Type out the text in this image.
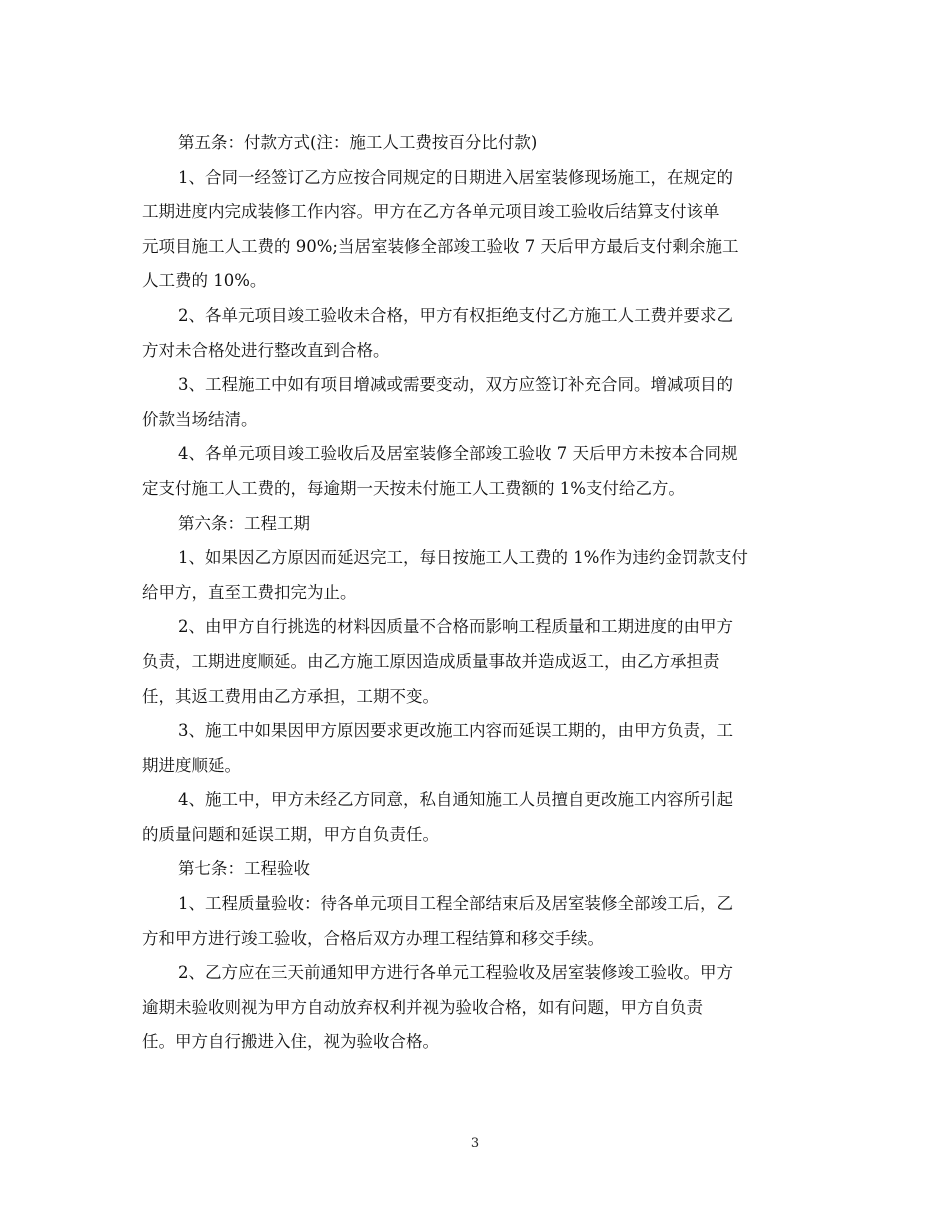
第五条：付款方式(注：施工人工费按百分比付款)
1、合同一经签订乙方应按合同规定的日期进入居室装修现场施工，在规定的
工期进度内完成装修工作内容。甲方在乙方各单元项目竣工验收后结算支付该单
元项目施工人工费的 90%;当居室装修全部竣工验收 7 天后甲方最后支付剩余施工
人工费的 10%。
2、各单元项目竣工验收未合格，甲方有权拒绝支付乙方施工人工费并要求乙
方对未合格处进行整改直到合格。
3、工程施工中如有项目增减或需要变动，双方应签订补充合同。增减项目的
价款当场结清。
4、各单元项目竣工验收后及居室装修全部竣工验收 7 天后甲方未按本合同规
定支付施工人工费的，每逾期一天按未付施工人工费额的 1%支付给乙方。
第六条：工程工期
1、如果因乙方原因而延迟完工，每日按施工人工费的 1%作为违约金罚款支付
给甲方，直至工费扣完为止。
2、由甲方自行挑选的材料因质量不合格而影响工程质量和工期进度的由甲方
负责，工期进度顺延。由乙方施工原因造成质量事故并造成返工，由乙方承担责
任，其返工费用由乙方承担，工期不变。
3、施工中如果因甲方原因要求更改施工内容而延误工期的，由甲方负责，工
期进度顺延。
4、施工中，甲方未经乙方同意，私自通知施工人员擅自更改施工内容所引起
的质量问题和延误工期，甲方自负责任。
第七条：工程验收
1、工程质量验收：待各单元项目工程全部结束后及居室装修全部竣工后，乙
方和甲方进行竣工验收，合格后双方办理工程结算和移交手续。
2、乙方应在三天前通知甲方进行各单元工程验收及居室装修竣工验收。甲方
逾期未验收则视为甲方自动放弃权利并视为验收合格，如有问题，甲方自负责
任。甲方自行搬进入住，视为验收合格。
3
